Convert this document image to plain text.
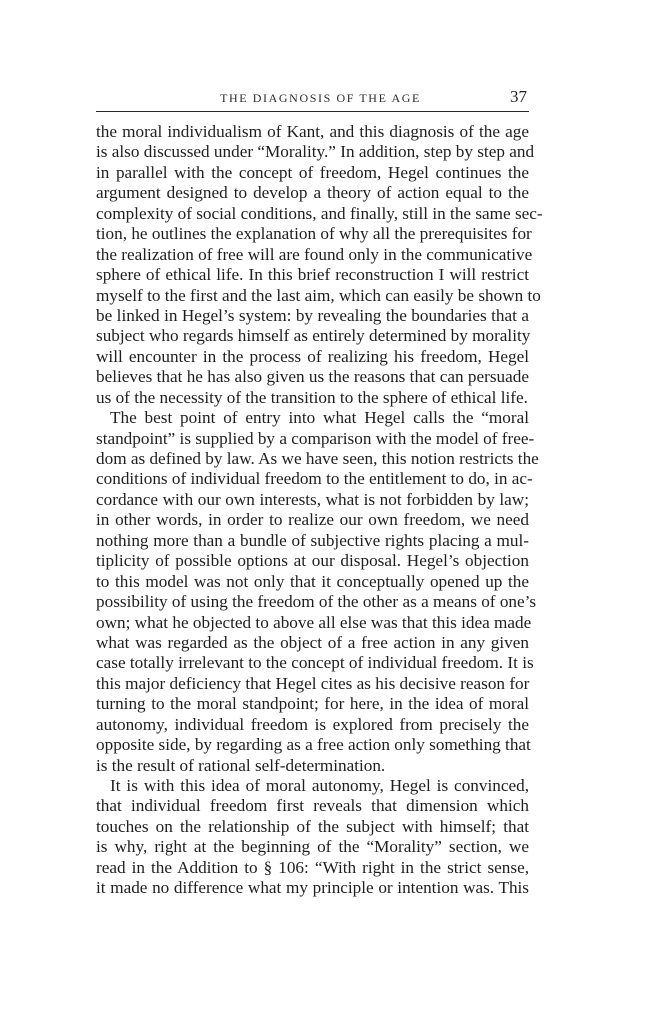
THE DIAGNOSIS OF THE AGE	37
the moral individualism of Kant, and this diagnosis of the age
is also discussed under “Morality.” In addition, step by step and
in parallel with the concept of freedom, Hegel continues the
argument designed to develop a theory of action equal to the
complexity of social conditions, and finally, still in the same sec-
tion, he outlines the explanation of why all the prerequisites for
the realization of free will are found only in the communicative
sphere of ethical life. In this brief reconstruction I will restrict
myself to the first and the last aim, which can easily be shown to
be linked in Hegel’s system: by revealing the boundaries that a
subject who regards himself as entirely determined by morality
will encounter in the process of realizing his freedom, Hegel
believes that he has also given us the reasons that can persuade
us of the necessity of the transition to the sphere of ethical life.
The best point of entry into what Hegel calls the “moral
standpoint” is supplied by a comparison with the model of free-
dom as defined by law. As we have seen, this notion restricts the
conditions of individual freedom to the entitlement to do, in ac-
cordance with our own interests, what is not forbidden by law;
in other words, in order to realize our own freedom, we need
nothing more than a bundle of subjective rights placing a mul-
tiplicity of possible options at our disposal. Hegel’s objection
to this model was not only that it conceptually opened up the
possibility of using the freedom of the other as a means of one’s
own; what he objected to above all else was that this idea made
what was regarded as the object of a free action in any given
case totally irrelevant to the concept of individual freedom. It is
this major deficiency that Hegel cites as his decisive reason for
turning to the moral standpoint; for here, in the idea of moral
autonomy, individual freedom is explored from precisely the
opposite side, by regarding as a free action only something that
is the result of rational self-determination.
It is with this idea of moral autonomy, Hegel is convinced,
that individual freedom first reveals that dimension which
touches on the relationship of the subject with himself; that
is why, right at the beginning of the “Morality” section, we
read in the Addition to § 106: “With right in the strict sense,
it made no difference what my principle or intention was. This
